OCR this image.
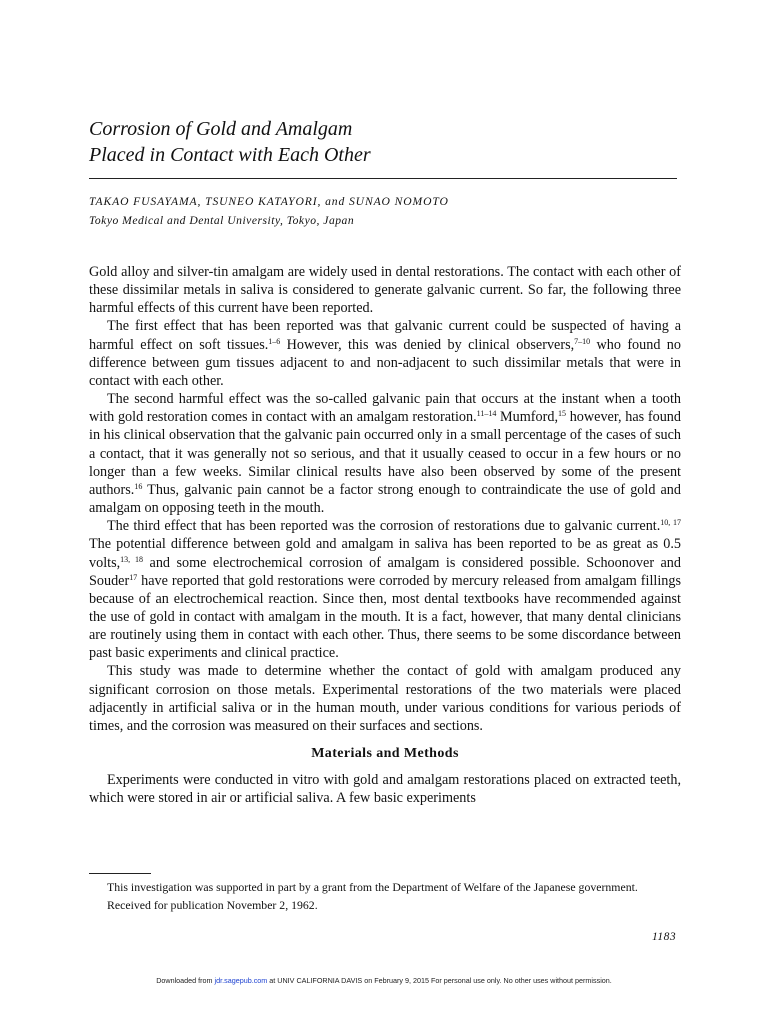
Corrosion of Gold and Amalgam
Placed in Contact with Each Other
TAKAO FUSAYAMA, TSUNEO KATAYORI, and SUNAO NOMOTO
Tokyo Medical and Dental University, Tokyo, Japan

Gold alloy and silver-tin amalgam are widely used in dental restorations. The contact with each other of these dissimilar metals in saliva is considered to generate galvanic current. So far, the following three harmful effects of this current have been reported.

The first effect that has been reported was that galvanic current could be suspected of having a harmful effect on soft tissues.$^{1-6}$ However, this was denied by clinical observers,$^{7-10}$ who found no difference between gum tissues adjacent to and non-adjacent to such dissimilar metals that were in contact with each other.

The second harmful effect was the so-called galvanic pain that occurs at the instant when a tooth with gold restoration comes in contact with an amalgam restoration.$^{11-14}$ Mumford,$^{15}$ however, has found in his clinical observation that the galvanic pain occurred only in a small percentage of the cases of such a contact, that it was generally not so serious, and that it usually ceased to occur in a few hours or no longer than a few weeks. Similar clinical results have also been observed by some of the present authors.$^{16}$ Thus, galvanic pain cannot be a factor strong enough to contraindicate the use of gold and amalgam on opposing teeth in the mouth.

The third effect that has been reported was the corrosion of restorations due to galvanic current.$^{10, 17}$ The potential difference between gold and amalgam in saliva has been reported to be as great as 0.5 volts,$^{13, 18}$ and some electrochemical corrosion of amalgam is considered possible. Schoonover and Souder$^{17}$ have reported that gold restorations were corroded by mercury released from amalgam fillings because of an electrochemical reaction. Since then, most dental textbooks have recommended against the use of gold in contact with amalgam in the mouth. It is a fact, however, that many dental clinicians are routinely using them in contact with each other. Thus, there seems to be some discordance between past basic experiments and clinical practice.

This study was made to determine whether the contact of gold with amalgam produced any significant corrosion on those metals. Experimental restorations of the two materials were placed adjacently in artificial saliva or in the human mouth, under various conditions for various periods of times, and the corrosion was measured on their surfaces and sections.

Materials and Methods

Experiments were conducted in vitro with gold and amalgam restorations placed on extracted teeth, which were stored in air or artificial saliva. A few basic experiments

This investigation was supported in part by a grant from the Department of Welfare of the Japanese government.

Received for publication November 2, 1962.

1183
Downloaded from jdr.sagepub.com at UNIV CALIFORNIA DAVIS on February 9, 2015 For personal use only. No other uses without permission.
